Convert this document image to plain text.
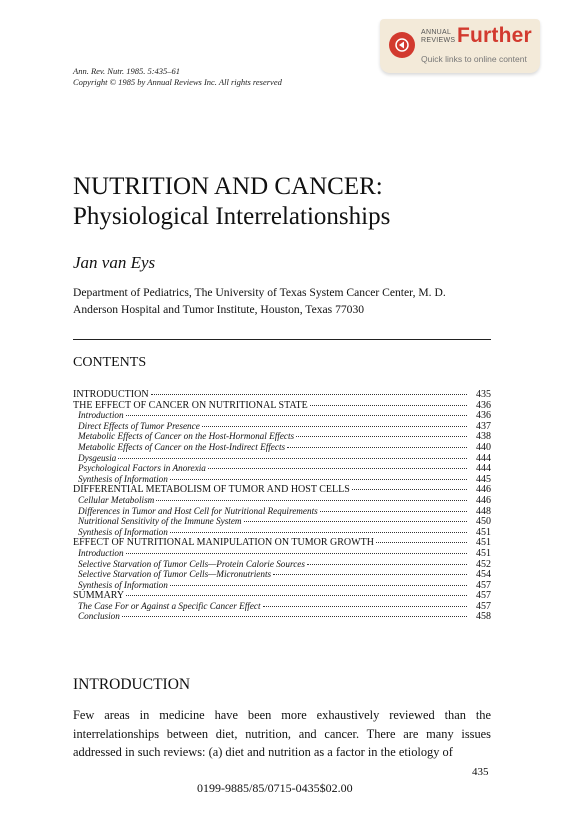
ANNUAL
REVIEWS Further
Quick links to online content
Ann. Rev. Nutr. 1985. 5:435–61
Copyright © 1985 by Annual Reviews Inc. All rights reserved
NUTRITION AND CANCER:
Physiological Interrelationships
Jan van Eys
Department of Pediatrics, The University of Texas System Cancer Center, M. D. Anderson Hospital and Tumor Institute, Houston, Texas 77030
CONTENTS
INTRODUCTION	435
THE EFFECT OF CANCER ON NUTRITIONAL STATE	436
Introduction	436
Direct Effects of Tumor Presence	437
Metabolic Effects of Cancer on the Host-Hormonal Effects	438
Metabolic Effects of Cancer on the Host-Indirect Effects	440
Dysgeusia	444
Psychological Factors in Anorexia	444
Synthesis of Information	445
DIFFERENTIAL METABOLISM OF TUMOR AND HOST CELLS	446
Cellular Metabolism	446
Differences in Tumor and Host Cell for Nutritional Requirements	448
Nutritional Sensitivity of the Immune System	450
Synthesis of Information	451
EFFECT OF NUTRITIONAL MANIPULATION ON TUMOR GROWTH	451
Introduction	451
Selective Starvation of Tumor Cells—Protein Calorie Sources	452
Selective Starvation of Tumor Cells—Micronutrients	454
Synthesis of Information	457
SUMMARY	457
The Case For or Against a Specific Cancer Effect	457
Conclusion	458
INTRODUCTION
Few areas in medicine have been more exhaustively reviewed than the interrelationships between diet, nutrition, and cancer. There are many issues addressed in such reviews: (a) diet and nutrition as a factor in the etiology of
435
0199-9885/85/0715-0435$02.00
